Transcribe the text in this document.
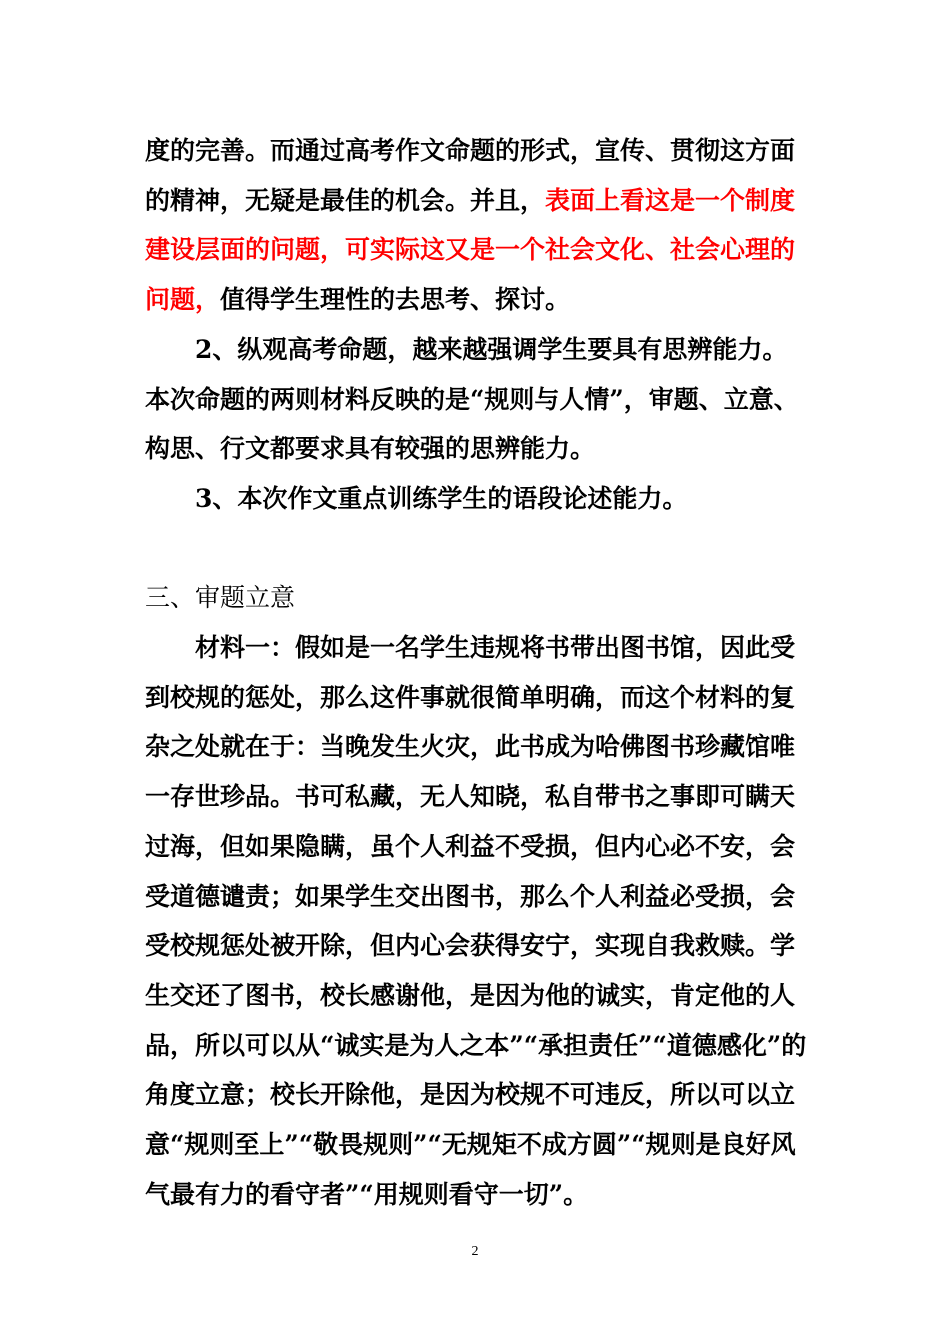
度的完善。而通过高考作文命题的形式，宣传、贯彻这方面的精神，无疑是最佳的机会。并且，表面上看这是一个制度建设层面的问题，可实际这又是一个社会文化、社会心理的问题，值得学生理性的去思考、探讨。

2、纵观高考命题，越来越强调学生要具有思辨能力。本次命题的两则材料反映的是“规则与人情”，审题、立意、构思、行文都要求具有较强的思辨能力。

3、本次作文重点训练学生的语段论述能力。

三、审题立意

材料一：假如是一名学生违规将书带出图书馆，因此受到校规的惩处，那么这件事就很简单明确，而这个材料的复杂之处就在于：当晚发生火灾，此书成为哈佛图书珍藏馆唯一存世珍品。书可私藏，无人知晓，私自带书之事即可瞒天过海，但如果隐瞒，虽个人利益不受损，但内心必不安，会受道德谴责；如果学生交出图书，那么个人利益必受损，会受校规惩处被开除，但内心会获得安宁，实现自我救赎。学生交还了图书，校长感谢他，是因为他的诚实，肯定他的人品，所以可以从“诚实是为人之本”“承担责任”“道德感化”的角度立意；校长开除他，是因为校规不可违反，所以可以立意“规则至上”“敬畏规则”“无规矩不成方圆”“规则是良好风气最有力的看守者”“用规则看守一切”。

2
